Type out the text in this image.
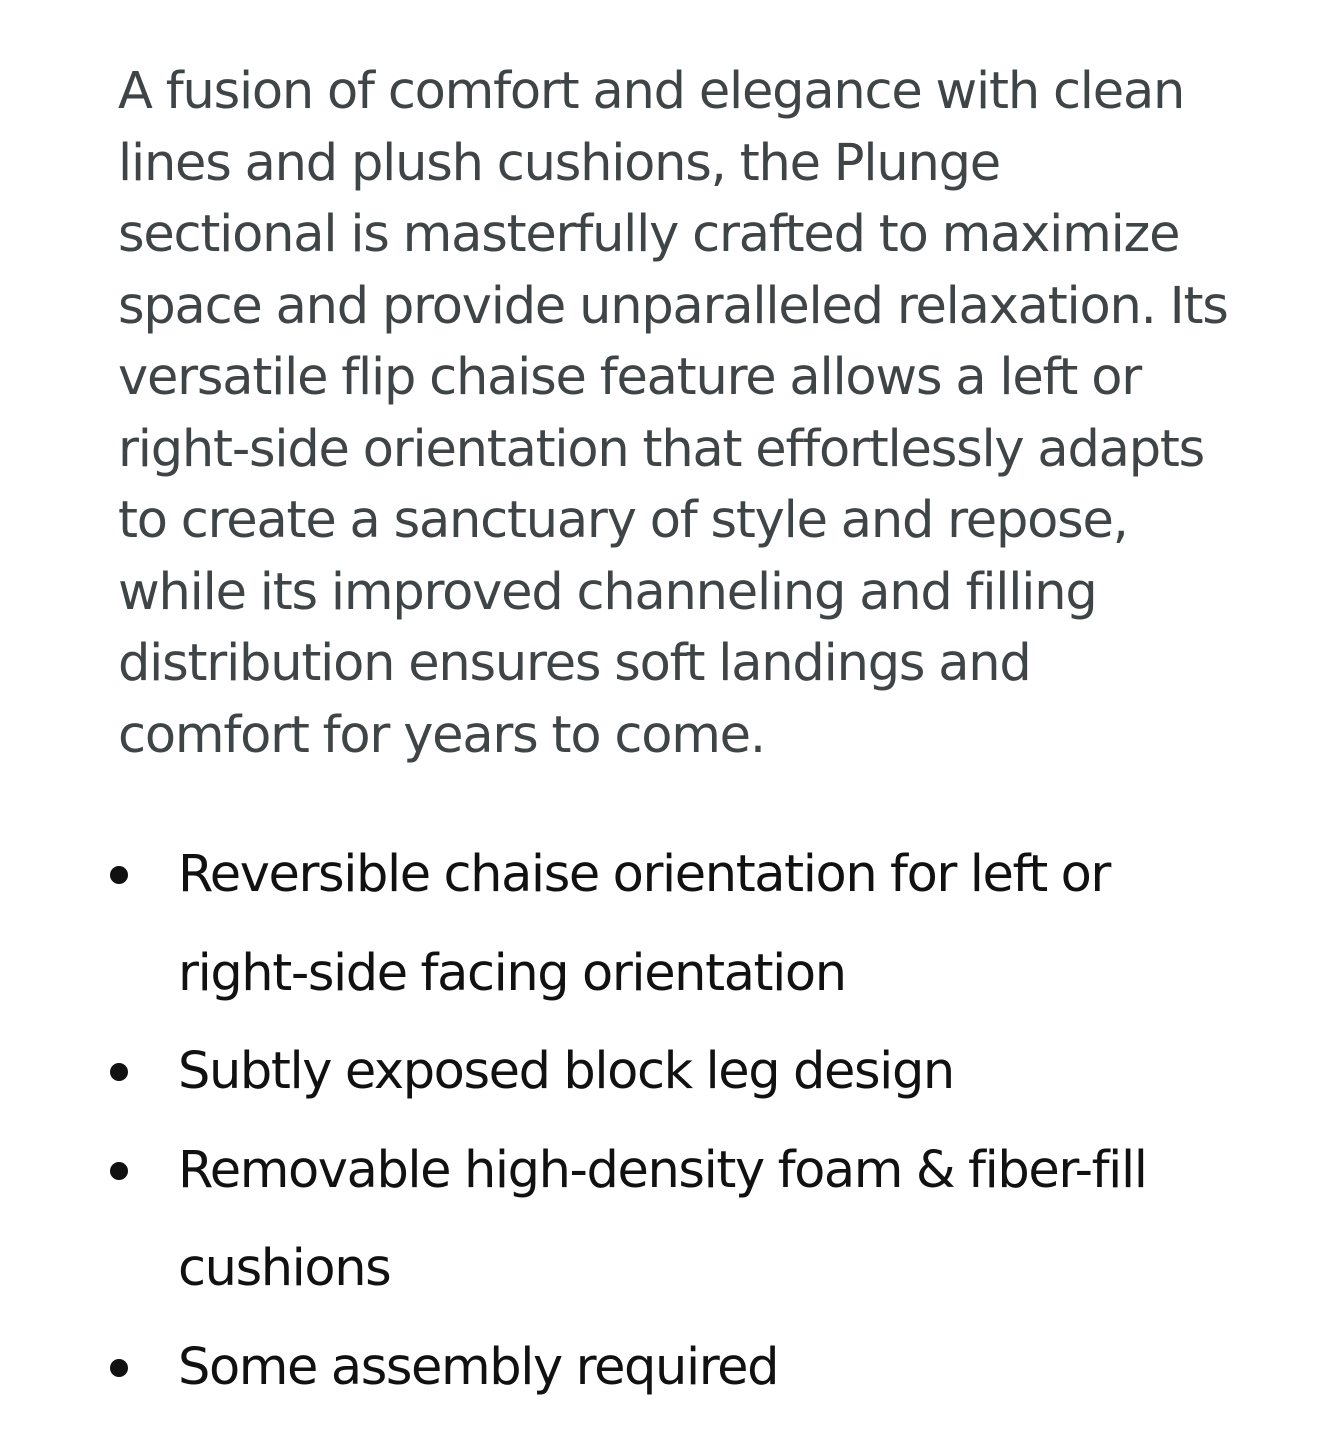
A fusion of comfort and elegance with clean lines and plush cushions, the Plunge sectional is masterfully crafted to maximize space and provide unparalleled relaxation. Its versatile flip chaise feature allows a left or right-side orientation that effortlessly adapts to create a sanctuary of style and repose, while its improved channeling and filling distribution ensures soft landings and comfort for years to come.

Reversible chaise orientation for left or right-side facing orientation
Subtly exposed block leg design
Removable high-density foam & fiber-fill cushions
Some assembly required
